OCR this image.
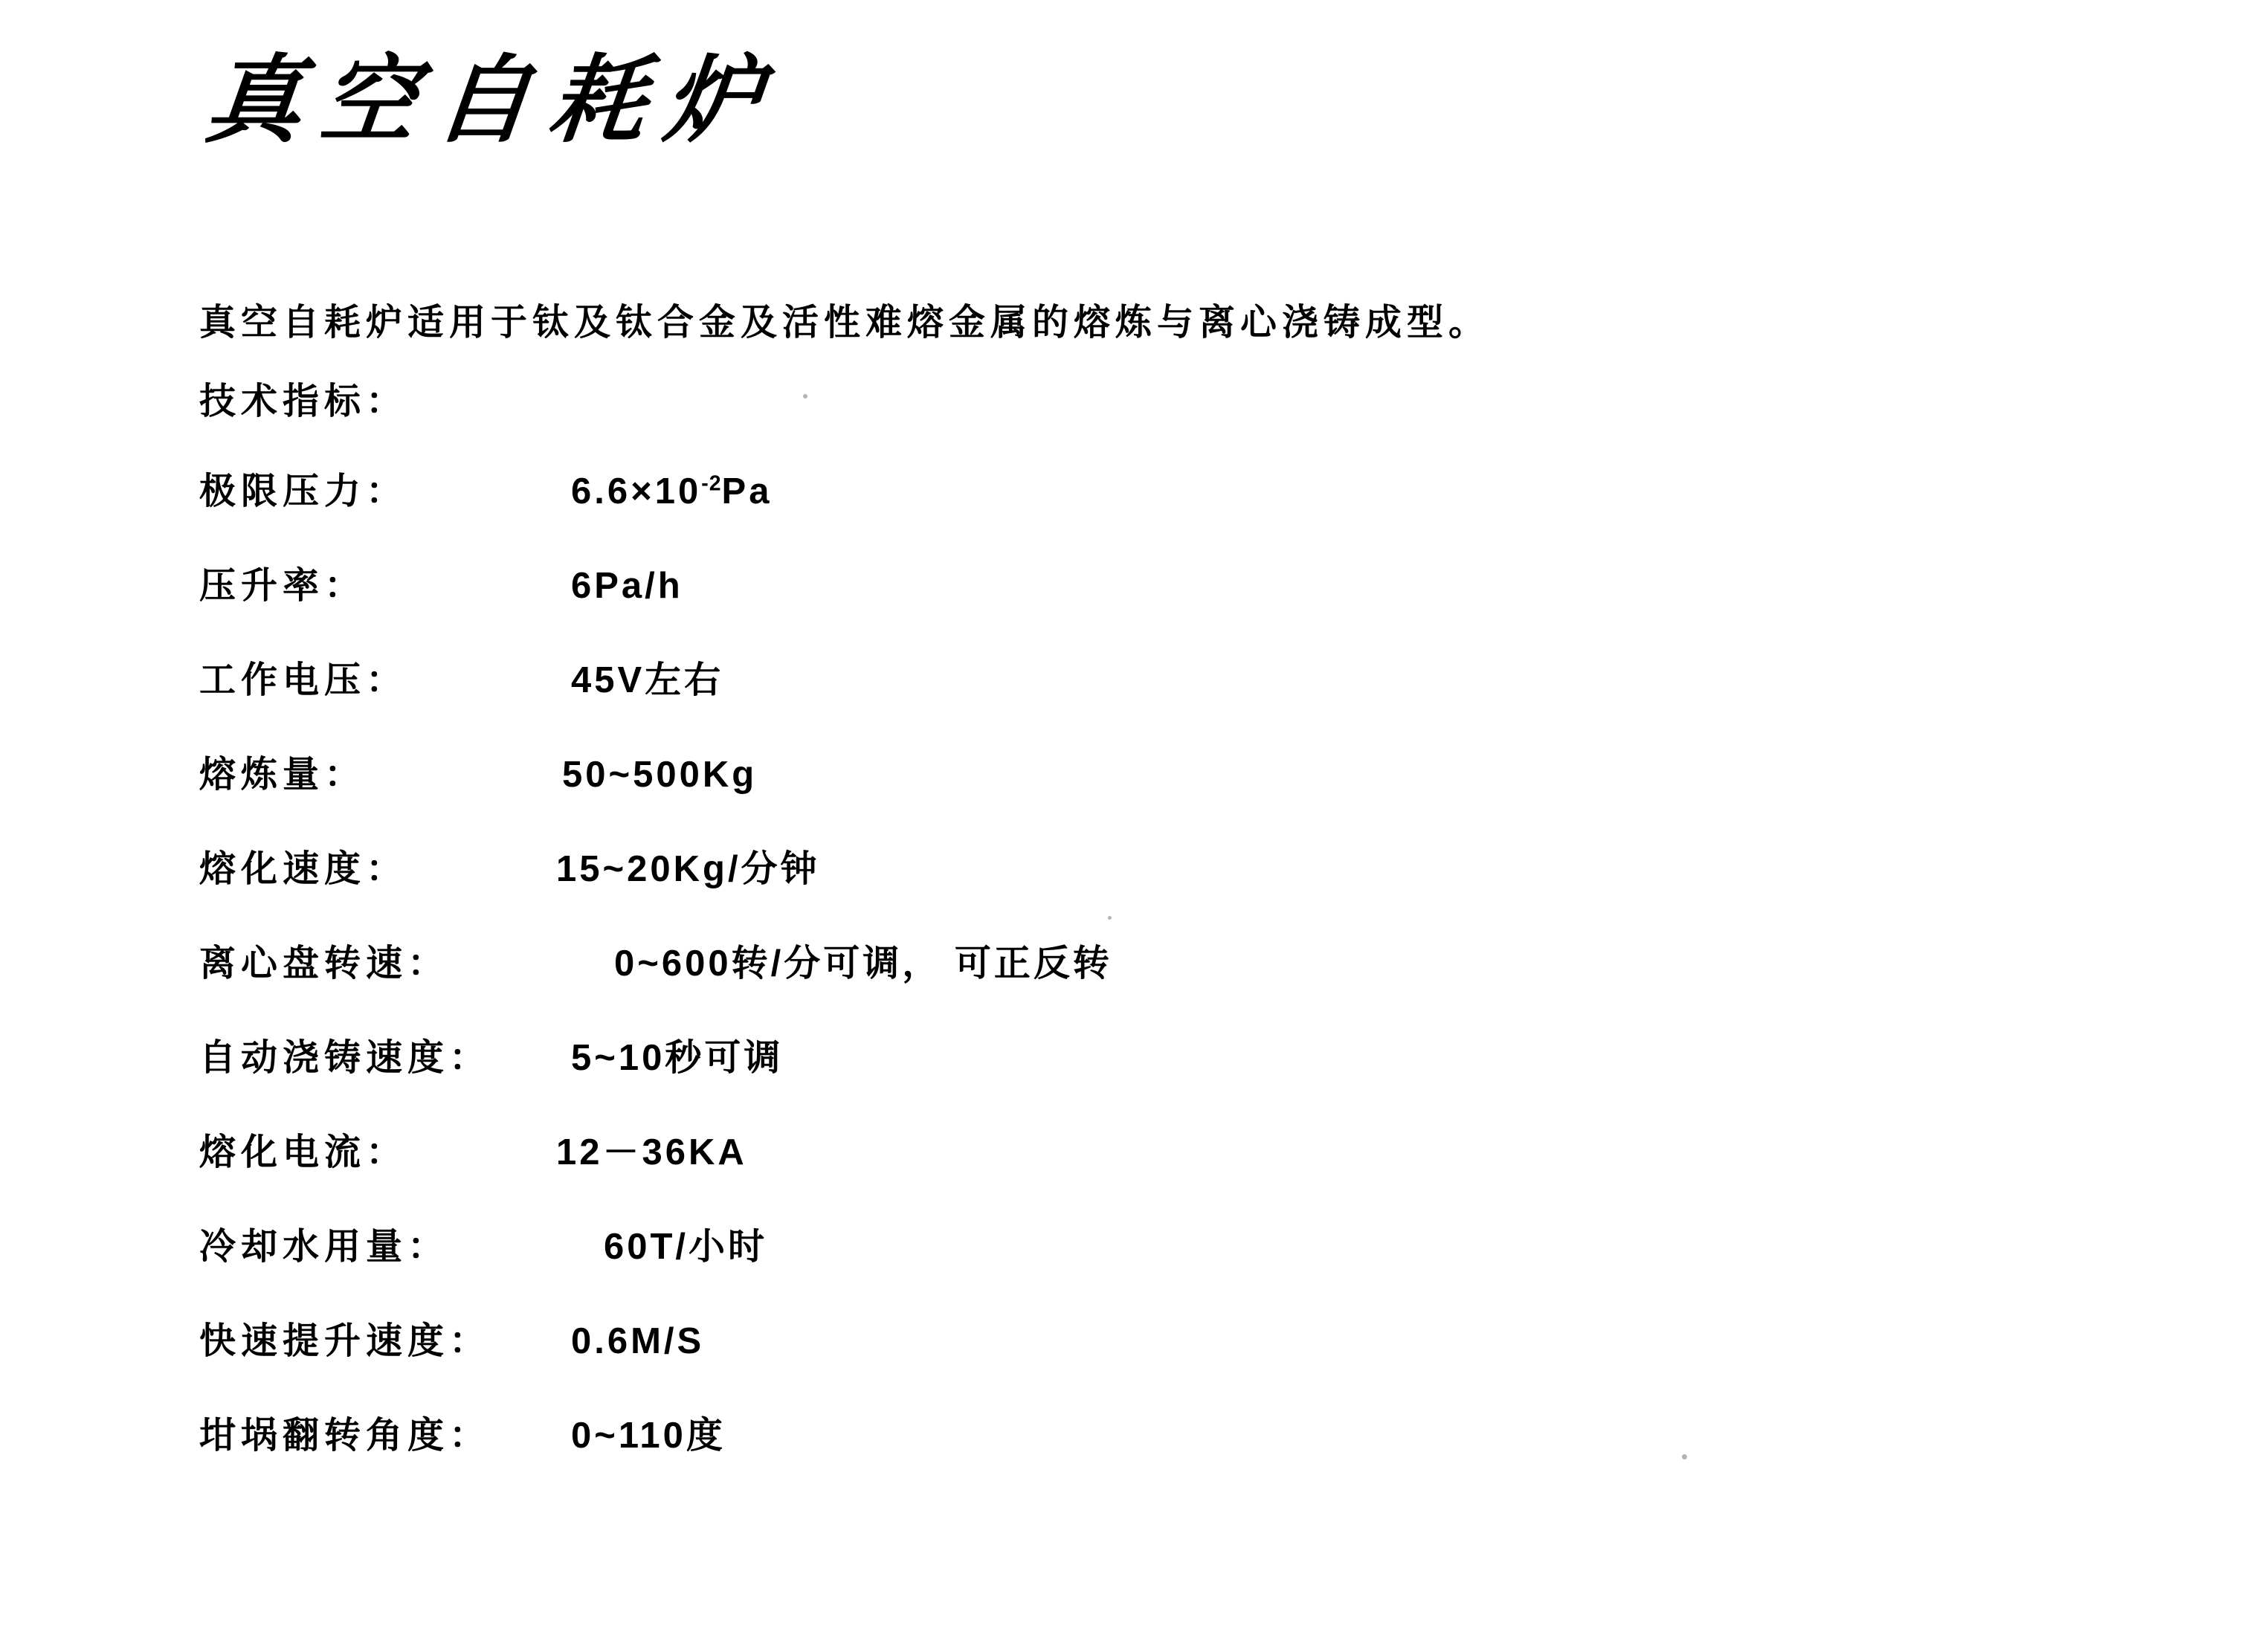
真空自耗炉

真空自耗炉适用于钛及钛合金及活性难熔金属的熔炼与离心浇铸成型。

技术指标：

极限压力：	$6.6\times 10^{-2}Pa$
压升率：	6Pa/h
工作电压：	45V左右
熔炼量：	50~500Kg
熔化速度：	15~20Kg/分钟
离心盘转速：	0~600转/分可调， 可正反转
自动浇铸速度：	5~10秒可调
熔化电流：	12－36KA
冷却水用量：	60T/小时
快速提升速度：	0.6M/S
坩埚翻转角度：	0~110度
